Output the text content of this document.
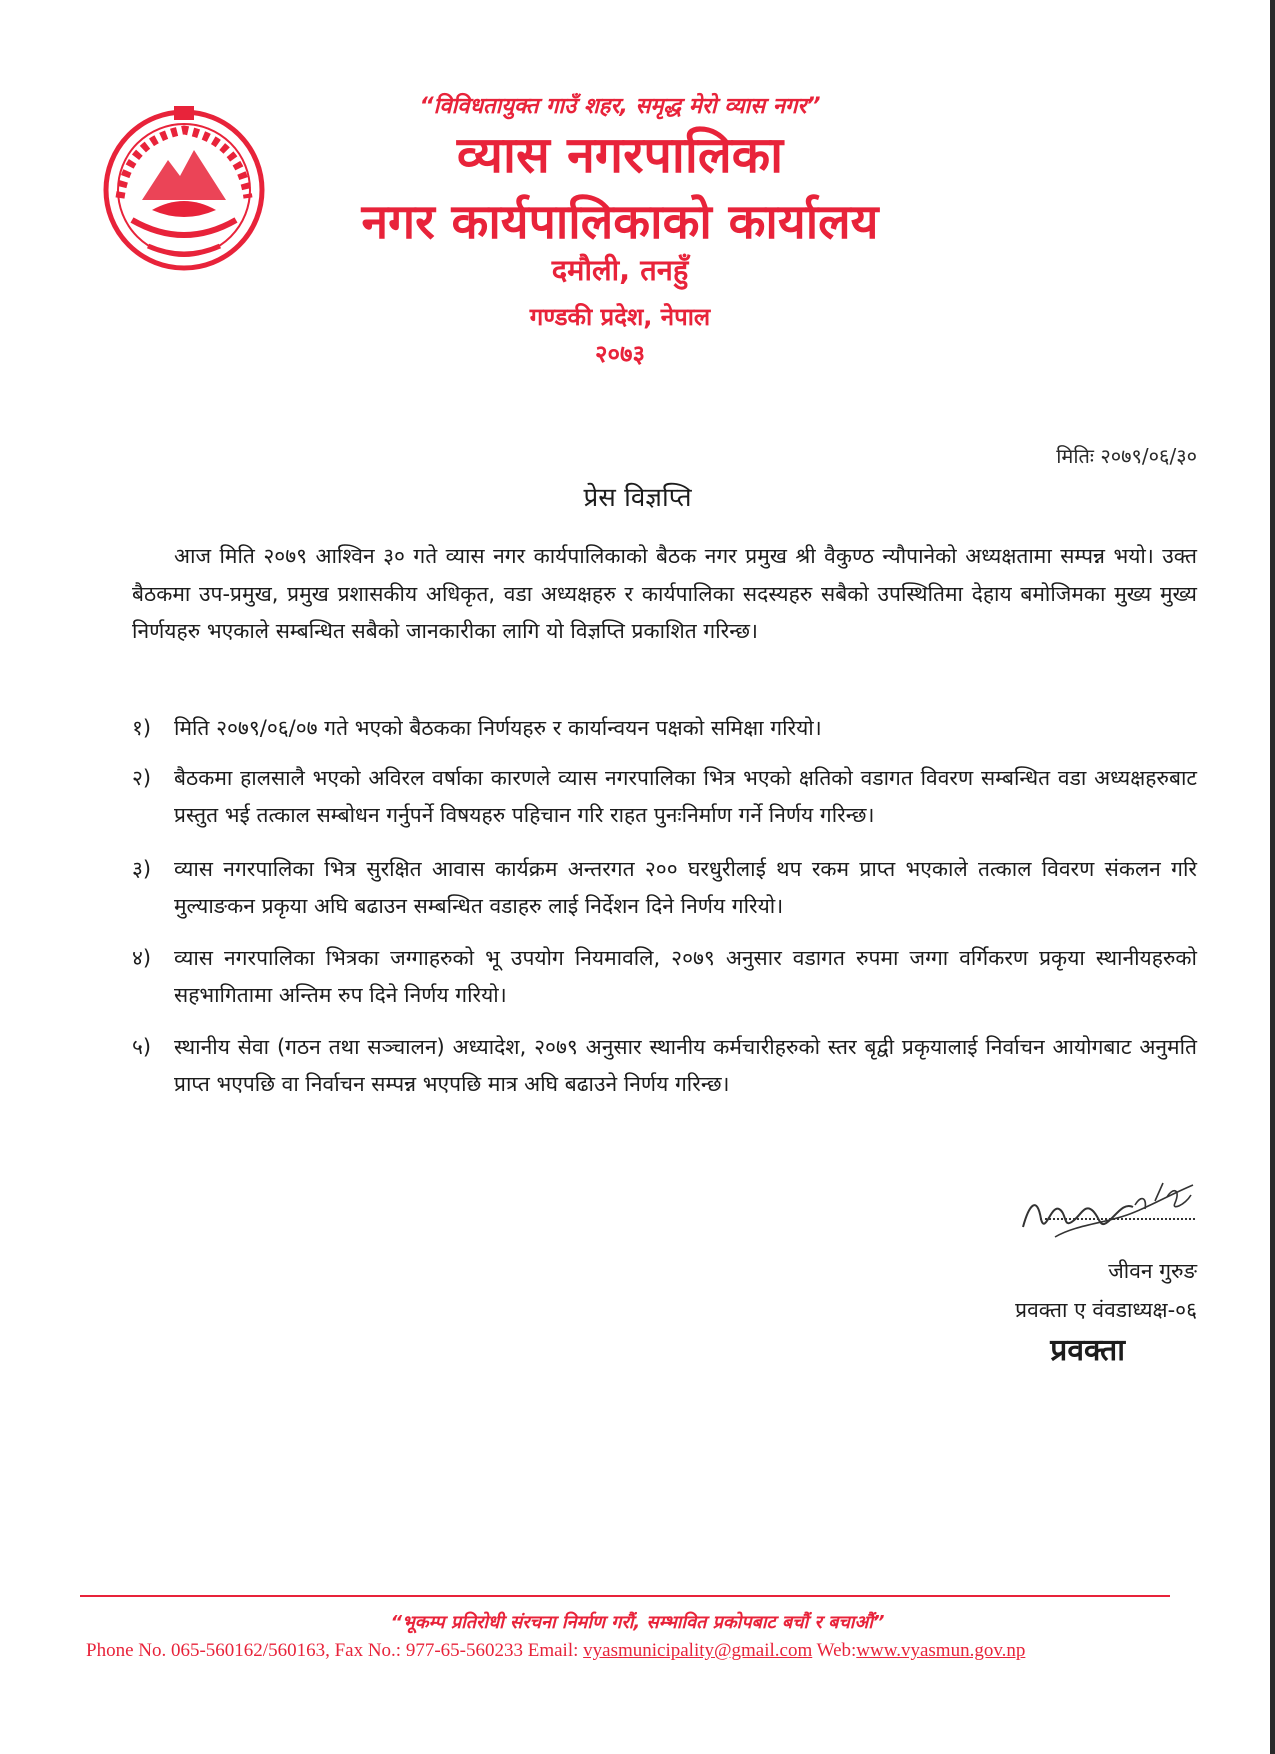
“विविधतायुक्त गाउँ शहर, समृद्ध मेरो व्यास नगर”
व्यास नगरपालिका
नगर कार्यपालिकाको कार्यालय
दमौली, तनहुँ
गण्डकी प्रदेश, नेपाल
२०७३
मितिः २०७९/०६/३०
प्रेस विज्ञप्ति

आज मिति २०७९ आश्विन ३० गते व्यास नगर कार्यपालिकाको बैठक नगर प्रमुख श्री वैकुण्ठ न्यौपानेको अध्यक्षतामा सम्पन्न भयो। उक्त बैठकमा उप-प्रमुख, प्रमुख प्रशासकीय अधिकृत, वडा अध्यक्षहरु र कार्यपालिका सदस्यहरु सबैको उपस्थितिमा देहाय बमोजिमका मुख्य मुख्य निर्णयहरु भएकाले सम्बन्धित सबैको जानकारीका लागि यो विज्ञप्ति प्रकाशित गरिन्छ।

१) मिति २०७९/०६/०७ गते भएको बैठकका निर्णयहरु र कार्यान्वयन पक्षको समिक्षा गरियो।
२) बैठकमा हालसालै भएको अविरल वर्षाका कारणले व्यास नगरपालिका भित्र भएको क्षतिको वडागत विवरण सम्बन्धित वडा अध्यक्षहरुबाट प्रस्तुत भई तत्काल सम्बोधन गर्नुपर्ने विषयहरु पहिचान गरि राहत पुनःनिर्माण गर्ने निर्णय गरिन्छ।
३) व्यास नगरपालिका भित्र सुरक्षित आवास कार्यक्रम अन्तरगत २०० घरधुरीलाई थप रकम प्राप्त भएकाले तत्काल विवरण संकलन गरि मुल्याङकन प्रकृया अघि बढाउन सम्बन्धित वडाहरु लाई निर्देशन दिने निर्णय गरियो।
४) व्यास नगरपालिका भित्रका जग्गाहरुको भू उपयोग नियमावलि, २०७९ अनुसार वडागत रुपमा जग्गा वर्गिकरण प्रकृया स्थानीयहरुको सहभागितामा अन्तिम रुप दिने निर्णय गरियो।
५) स्थानीय सेवा (गठन तथा सञ्चालन) अध्यादेश, २०७९ अनुसार स्थानीय कर्मचारीहरुको स्तर बृद्वी प्रकृयालाई निर्वाचन आयोगबाट अनुमति प्राप्त भएपछि वा निर्वाचन सम्पन्न भएपछि मात्र अघि बढाउने निर्णय गरिन्छ।
जीवन गुरुङ
प्रवक्ता ए वंवडाध्यक्ष-०६
प्रवक्ता
“भूकम्प प्रतिरोधी संरचना निर्माण गरौं, सम्भावित प्रकोपबाट बचौं र बचाऔं”
Phone No. 065-560162/560163, Fax No.: 977-65-560233 Email: vyasmunicipality@gmail.com Web:www.vyasmun.gov.np
